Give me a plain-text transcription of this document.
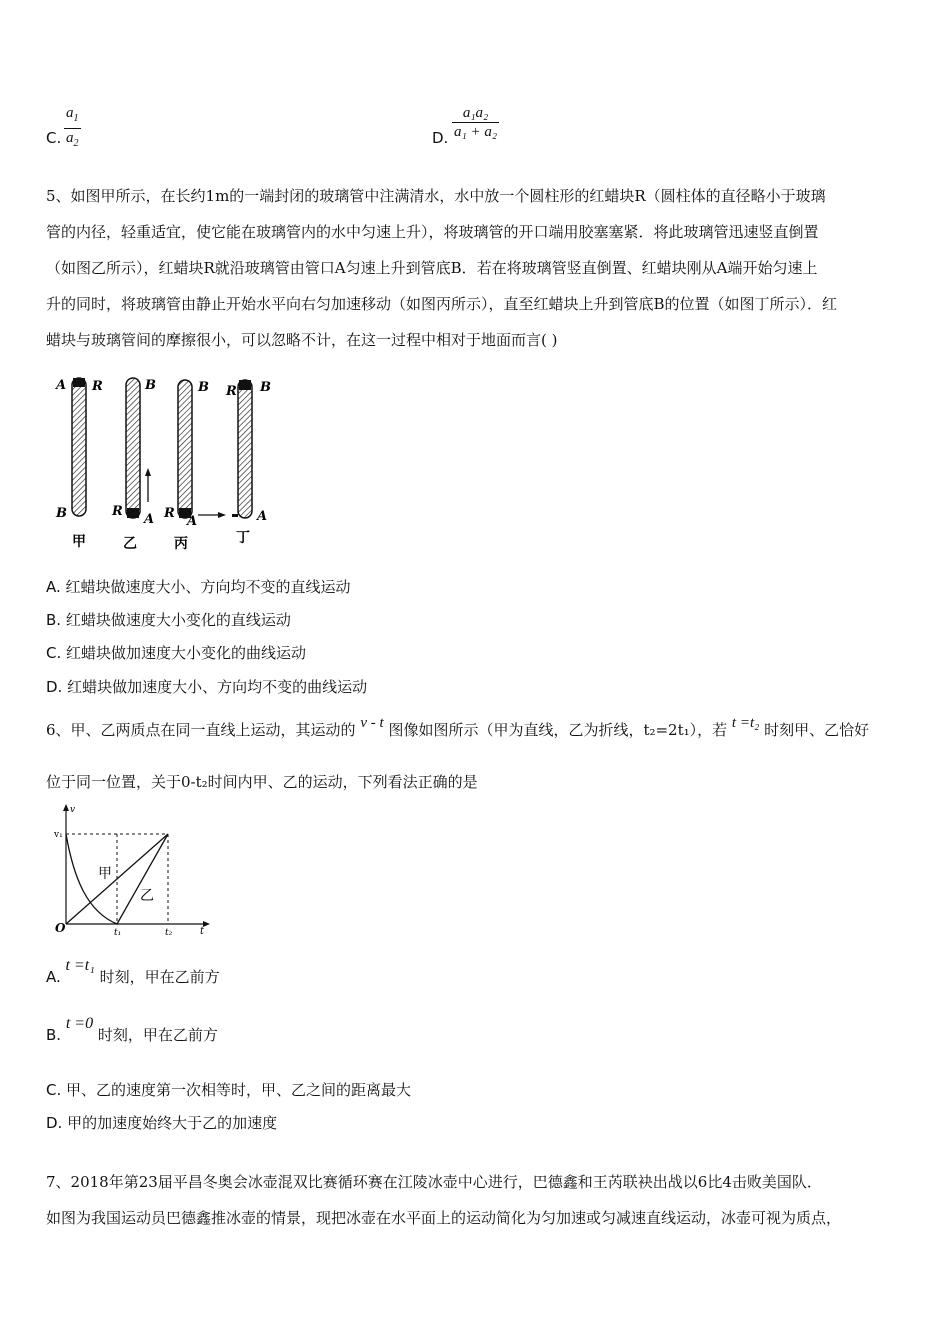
C. $\frac{a_1}{a_2}$	D. $\frac{\text{a₁a₂}}{\text{a₁ + a₂}}$
5、如图甲所示，在长约1m的一端封闭的玻璃管中注满清水，水中放一个圆柱形的红蜡块R（圆柱体的直径略小于玻璃
管的内径，轻重适宜，使它能在玻璃管内的水中匀速上升），将玻璃管的开口端用胶塞塞紧．将此玻璃管迅速竖直倒置
（如图乙所示），红蜡块R就沿玻璃管由管口A匀速上升到管底B．若在将玻璃管竖直倒置、红蜡块刚从A端开始匀速上
升的同时，将玻璃管由静止开始水平向右匀加速移动（如图丙所示），直至红蜡块上升到管底B的位置（如图丁所示）．红
蜡块与玻璃管间的摩擦很小，可以忽略不计，在这一过程中相对于地面而言( )
A R
B
甲
B
R
A
乙
B
R
A
丙
B
R
A
丁
A. 红蜡块做速度大小、方向均不变的直线运动
B. 红蜡块做速度大小变化的直线运动
C. 红蜡块做加速度大小变化的曲线运动
D. 红蜡块做加速度大小、方向均不变的曲线运动
6、甲、乙两质点在同一直线上运动，其运动的 v - t 图像如图所示（甲为直线，乙为折线，t₂=2t₁），若 t =t₂ 时刻甲、乙恰好
位于同一位置，关于0-t₂时间内甲、乙的运动，下列看法正确的是
v
t
O
v₁
t₁	t₂
甲
乙
A. t =t₁ 时刻，甲在乙前方
B. t =0 时刻，甲在乙前方
C. 甲、乙的速度第一次相等时，甲、乙之间的距离最大
D. 甲的加速度始终大于乙的加速度
7、2018年第23届平昌冬奥会冰壶混双比赛循环赛在江陵冰壶中心进行，巴德鑫和王芮联袂出战以6比4击败美国队．
如图为我国运动员巴德鑫推冰壶的情景，现把冰壶在水平面上的运动简化为匀加速或匀减速直线运动，冰壶可视为质点，
